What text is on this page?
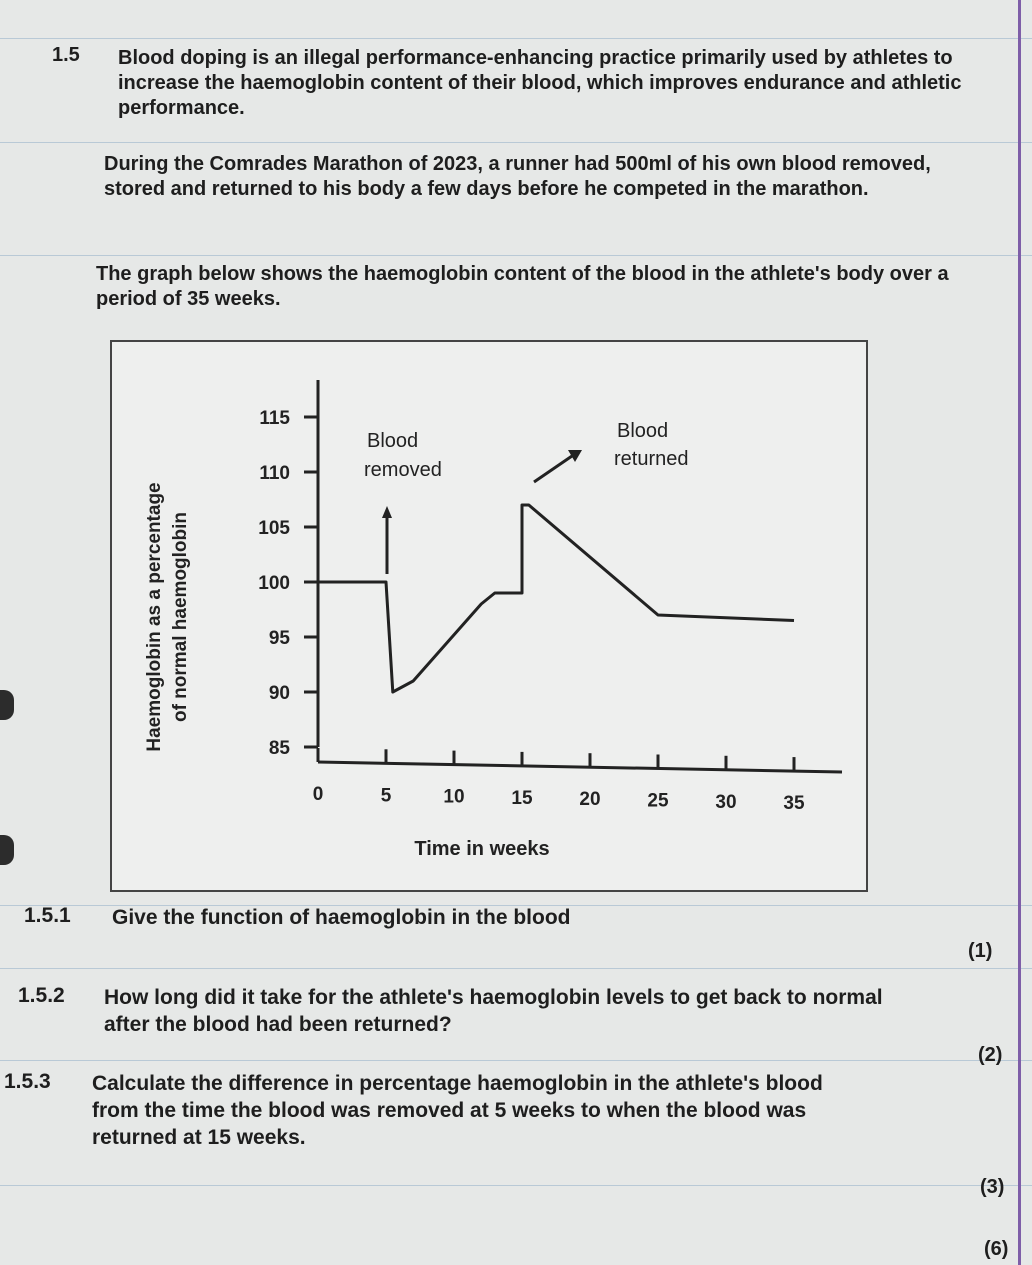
1.5 Blood doping is an illegal performance-enhancing practice primarily used by athletes to increase the haemoglobin content of their blood, which improves endurance and athletic performance.

During the Comrades Marathon of 2023, a runner had 500ml of his own blood removed, stored and returned to his body a few days before he competed in the marathon.

The graph below shows the haemoglobin content of the blood in the athlete's body over a period of 35 weeks.

85
90
95
100
105
110
115
0	5	10 15 20 25 30 35
Blood removed
Blood returned
Time in weeks
Haemoglobin as a percentage of normal haemoglobin
1.5.1 Give the function of haemoglobin in the blood
(1)
1.5.2 How long did it take for the athlete's haemoglobin levels to get back to normal after the blood had been returned?
(2)
1.5.3 Calculate the difference in percentage haemoglobin in the athlete's blood from the time the blood was removed at 5 weeks to when the blood was returned at 15 weeks.
(3)
(6)
